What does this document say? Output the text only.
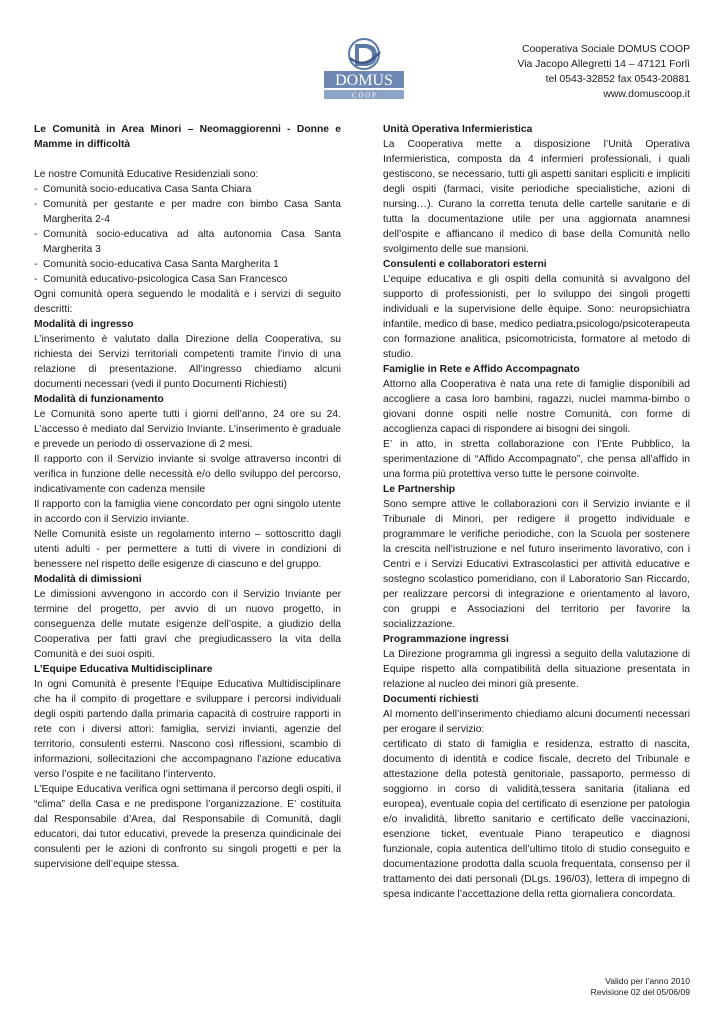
DOMUS
C O O P
Cooperativa Sociale DOMUS COOP
Via Jacopo Allegretti 14 – 47121 Forlì
tel 0543-32852 fax 0543-20881
www.domuscoop.it
Le Comunità in Area Minori – Neomaggiorenni - Donne e Mamme in difficoltà

Le nostre Comunità Educative Residenziali sono:

- Comunità socio-educativa Casa Santa Chiara
- Comunità per gestante e per madre con bimbo Casa Santa Margherita 2-4
- Comunità socio-educativa ad alta autonomia Casa Santa Margherita 3
- Comunità socio-educativa Casa Santa Margherita 1
- Comunità educativo-psicologica Casa San Francesco

Ogni comunità opera seguendo le modalità e i servizi di seguito descritti:

Modalità di ingresso

L’inserimento è valutato dalla Direzione della Cooperativa, su richiesta dei Servizi territoriali competenti tramite l’invio di una relazione di presentazione. All’ingresso chiediamo alcuni documenti necessari (vedi il punto Documenti Richiesti)

Modalità di funzionamento

Le Comunità sono aperte tutti i giorni dell’anno, 24 ore su 24. L’accesso è mediato dal Servizio Inviante. L’inserimento è graduale e prevede un periodo di osservazione di 2 mesi.

Il rapporto con il Servizio inviante si svolge attraverso incontri di verifica in funzione delle necessità e/o dello sviluppo del percorso, indicativamente con cadenza mensile

Il rapporto con la famiglia viene concordato per ogni singolo utente in accordo con il Servizio inviante.

Nelle Comunità esiste un regolamento interno – sottoscritto dagli utenti adulti - per permettere a tutti di vivere in condizioni di benessere nel rispetto delle esigenze di ciascuno e del gruppo.

Modalità di dimissioni

Le dimissioni avvengono in accordo con il Servizio Inviante per termine del progetto, per avvio di un nuovo progetto, in conseguenza delle mutate esigenze dell’ospite, a giudizio della Cooperativa per fatti gravi che pregiudicassero la vita della Comunità e dei suoi ospiti.

L’Equipe Educativa Multidisciplinare

In ogni Comunità è presente l’Equipe Educativa Multidisciplinare che ha il compito di progettare e sviluppare i percorsi individuali degli ospiti partendo dalla primaria capacità di costruire rapporti in rete con i diversi attori: famiglia, servizi invianti, agenzie del territorio, consulenti esterni. Nascono così riflessioni, scambio di informazioni, sollecitazioni che accompagnano l’azione educativa verso l’ospite e ne facilitano l’intervento.

L’Equipe Educativa verifica ogni settimana il percorso degli ospiti, il “clima” della Casa e ne predispone l’organizzazione. E’ costituita dal Responsabile d’Area, dal Responsabile di Comunità, dagli educatori, dai tutor educativi, prevede la presenza quindicinale dei consulenti per le azioni di confronto su singoli progetti e per la supervisione dell’equipe stessa.

Unità Operativa Infermieristica

La Cooperativa mette a disposizione l’Unità Operativa Infermieristica, composta da 4 infermieri professionali, i quali gestiscono, se necessario, tutti gli aspetti sanitari espliciti e impliciti degli ospiti (farmaci, visite periodiche specialistiche, azioni di nursing…). Curano la corretta tenuta delle cartelle sanitarie e di tutta la documentazione utile per una aggiornata anamnesi dell’ospite e affiancano il medico di base della Comunità nello svolgimento delle sue mansioni.

Consulenti e collaboratori esterni

L’equipe educativa e gli ospiti della comunità si avvalgono del supporto di professionisti, per lo sviluppo dei singoli progetti individuali e la supervisione delle èquipe. Sono: neuropsichiatra infantile, medico di base, medico pediatra,psicologo/psicoterapeuta con formazione analitica, psicomotricista, formatore al metodo di studio.

Famiglie in Rete e Affido Accompagnato

Attorno alla Cooperativa è nata una rete di famiglie disponibili ad accogliere a casa loro bambini, ragazzi, nuclei mamma-bimbo o giovani donne ospiti nelle nostre Comunità, con forme di accoglienza capaci di rispondere ai bisogni dei singoli.

E’ in atto, in stretta collaborazione con l’Ente Pubblico, la sperimentazione di “Affido Accompagnato”, che pensa all’affido in una forma più protettiva verso tutte le persone coinvolte.

Le Partnership

Sono sempre attive le collaborazioni con il Servizio inviante e il Tribunale di Minori, per redigere il progetto individuale e programmare le verifiche periodiche, con la Scuola per sostenere la crescita nell’istruzione e nel futuro inserimento lavorativo, con i Centri e i Servizi Educativi Extrascolastici per attività educative e sostegno scolastico pomeridiano, con il Laboratorio San Riccardo, per realizzare percorsi di integrazione e orientamento al lavoro, con gruppi e Associazioni del territorio per favorire la socializzazione.

Programmazione ingressi

La Direzione programma gli ingressi a seguito della valutazione di Equipe rispetto alla compatibilità della situazione presentata in relazione al nucleo dei minori già presente.

Documenti richiesti

Al momento dell’inserimento chiediamo alcuni documenti necessari per erogare il servizio:

certificato di stato di famiglia e residenza, estratto di nascita, documento di identità e codice fiscale, decreto del Tribunale e attestazione della potestà genitoriale, passaporto, permesso di soggiorno in corso di validità,tessera sanitaria (italiana ed europea), eventuale copia del certificato di esenzione per patologia e/o invalidità, libretto sanitario e certificato delle vaccinazioni, esenzione ticket, eventuale Piano terapeutico e diagnosi funzionale, copia autentica dell’ultimo titolo di studio conseguito e documentazione prodotta dalla scuola frequentata, consenso per il trattamento dei dati personali (DLgs. 196/03), lettera di impegno di spesa indicante l’accettazione della retta giornaliera concordata.

Valido per l’anno 2010
Revisione 02 del 05/06/09
